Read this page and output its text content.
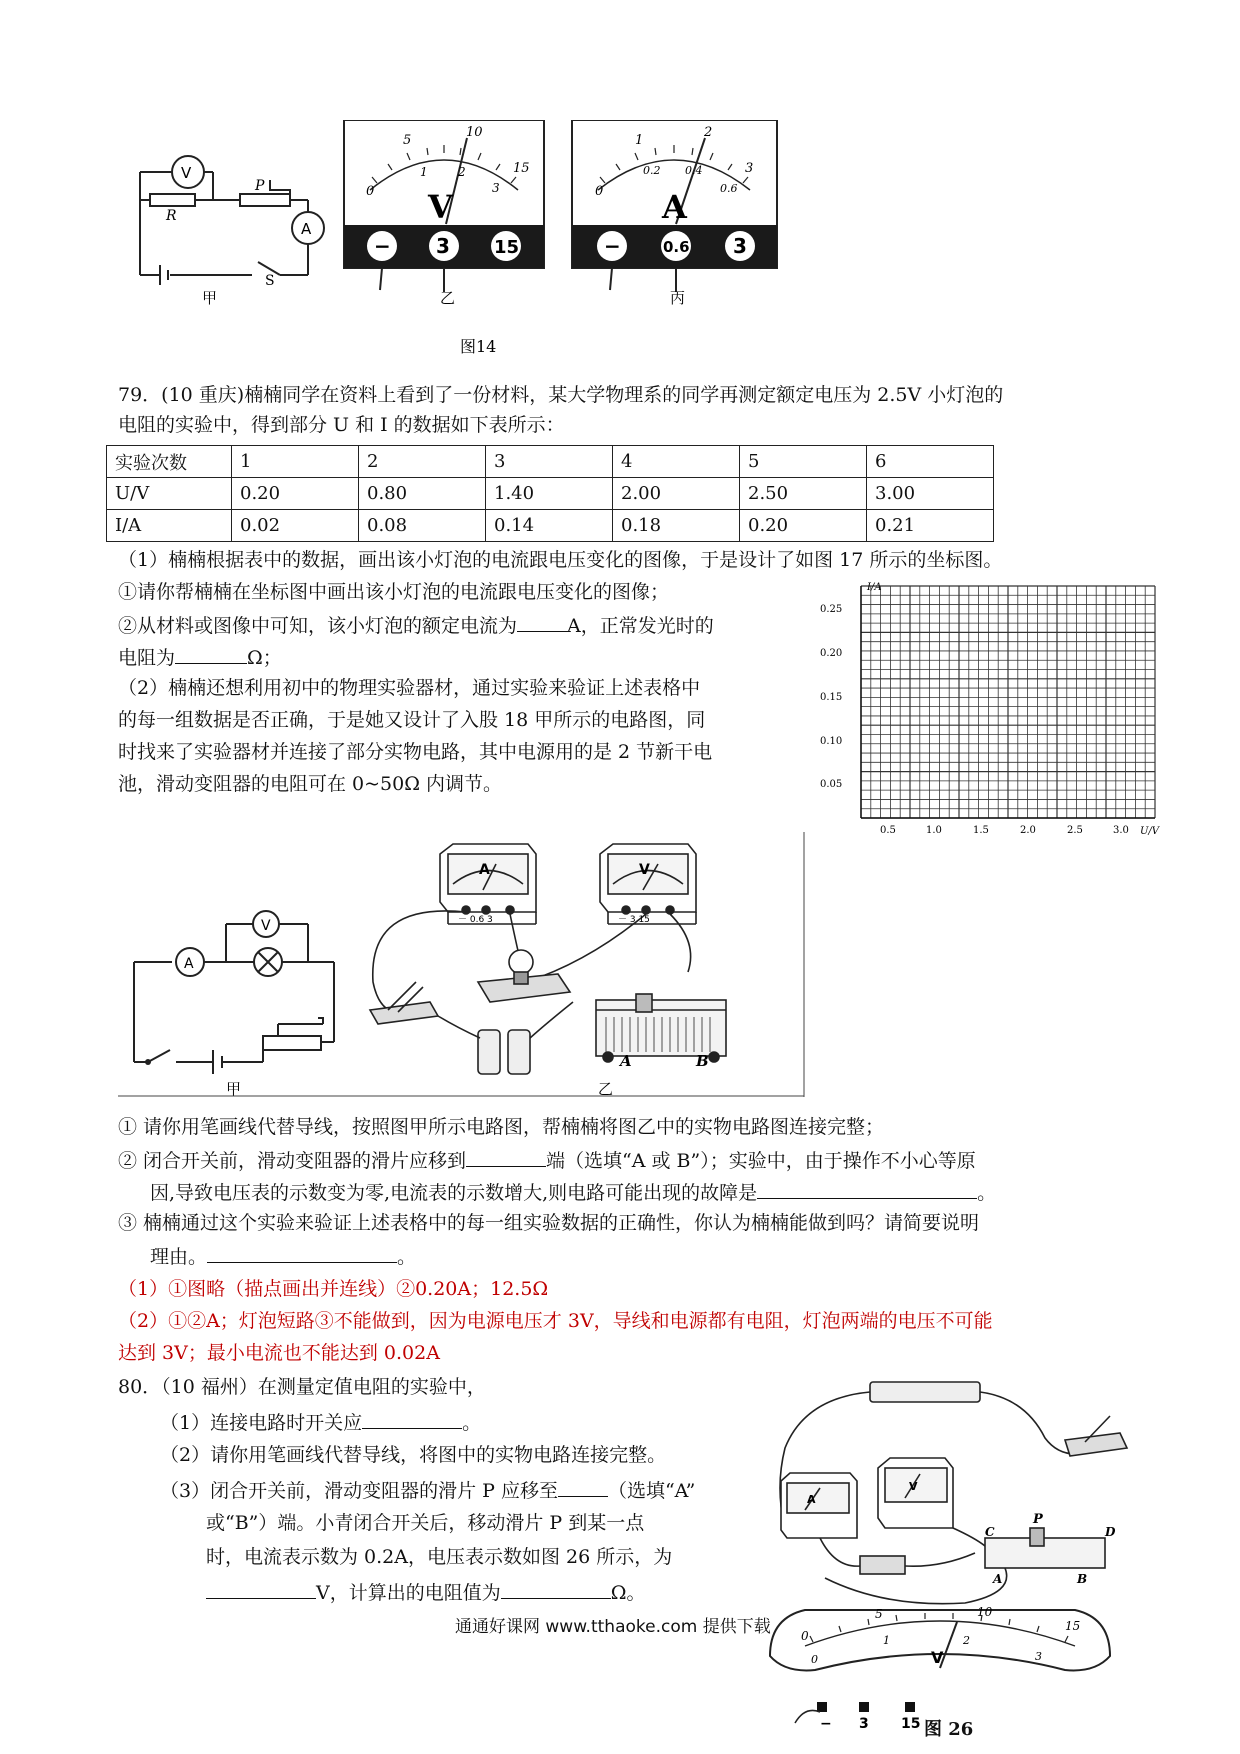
V
A
R
P
S
甲
0
5
10
15
1	2
3
V
− 3 15
乙
0
1
2
3
0.2 0.4
0.6
A
−	0.6 3
丙
图14
79．(10 重庆)楠楠同学在资料上看到了一份材料，某大学物理系的同学再测定额定电压为 2.5V 小灯泡的
电阻的实验中，得到部分 U 和 I 的数据如下表所示：
实验次数	1	2	3	4	5	6
U/V	0.20	0.80	1.40	2.00	2.50	3.00
I/A	0.02	0.08	0.14	0.18	0.20	0.21
（1）楠楠根据表中的数据，画出该小灯泡的电流跟电压变化的图像，于是设计了如图 17 所示的坐标图。
①请你帮楠楠在坐标图中画出该小灯泡的电流跟电压变化的图像；
②从材料或图像中可知，该小灯泡的额定电流为	A，正常发光时的
电阻为	Ω；
（2）楠楠还想利用初中的物理实验器材，通过实验来验证上述表格中
的每一组数据是否正确，于是她又设计了入股 18 甲所示的电路图，同
时找来了实验器材并连接了部分实物电路，其中电源用的是 2 节新干电
池，滑动变阻器的电阻可在 0~50Ω 内调节。
I/A
U/V
0.25
0.20
0.15
0.10
0.05
0.5	1.0	1.5	2.0	2.5	3.0
A
V
甲
A	V
－ 0.6 3	－ 3 15
A	B
乙
① 请你用笔画线代替导线，按照图甲所示电路图，帮楠楠将图乙中的实物电路图连接完整；
② 闭合开关前，滑动变阻器的滑片应移到	端（选填“A 或 B”）；实验中，由于操作不小心等原
因,导致电压表的示数变为零,电流表的示数增大,则电路可能出现的故障是	。
③ 楠楠通过这个实验来验证上述表格中的每一组实验数据的正确性，你认为楠楠能做到吗？请简要说明
理由。	。
（1）①图略（描点画出并连线）②0.20A；12.5Ω
（2）①②A；灯泡短路③不能做到，因为电源电压才 3V，导线和电源都有电阻，灯泡两端的电压不可能
达到 3V；最小电流也不能达到 0.02A
80．（10 福州）在测量定值电阻的实验中，
（1）连接电路时开关应	。
（2）请你用笔画线代替导线，将图中的实物电路连接完整。
（3）闭合开关前，滑动变阻器的滑片 P 应移至	（选填“A”
或“B”）端。小青闭合开关后，移动滑片 P 到某一点
时，电流表示数为 0.2A，电压表示数如图 26 所示，为
V，计算出的电阻值为	Ω。
A
V
C
P
D
A	B
0
5	10
15
0
1	2
3
V
− 3 15 图 26
通通好课网 www.tthaoke.com 提供下载
